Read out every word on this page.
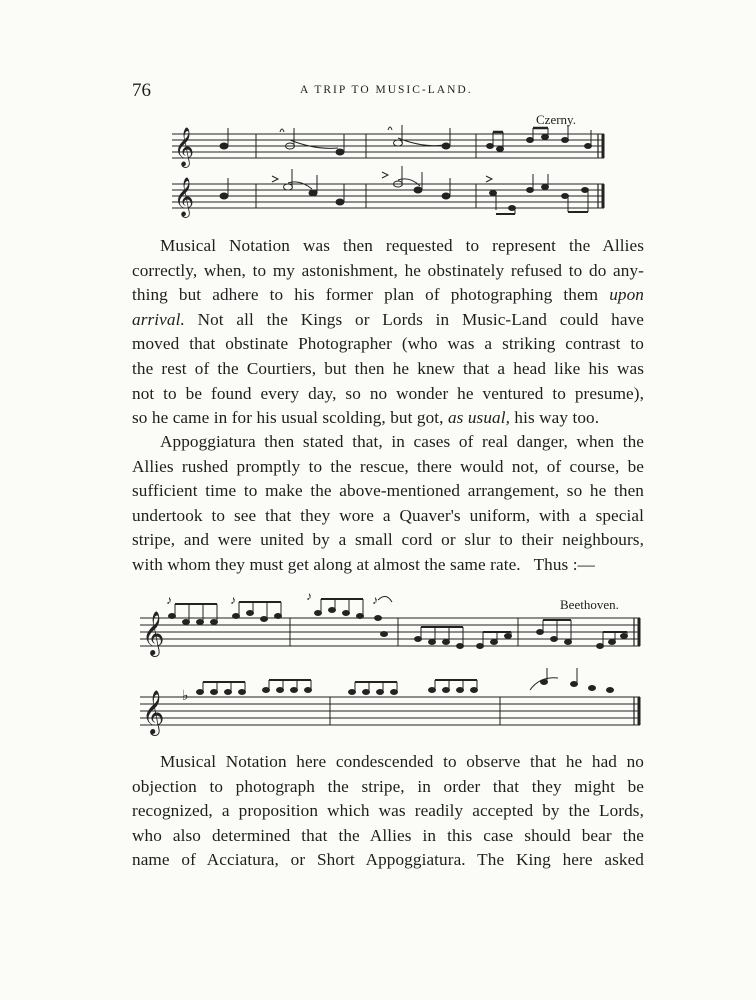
76	A TRIP TO MUSIC-LAND.
𝄞
𝄞
𝄞
𝄞
♪	♪	♪	♪
♭
Czerny.
Beethoven.
Musical Notation was then requested to represent the Allies
correctly, when, to my astonishment, he obstinately refused to do any-
thing but adhere to his former plan of photographing them upon
arrival. Not all the Kings or Lords in Music-Land could have
moved that obstinate Photographer (who was a striking contrast to
the rest of the Courtiers, but then he knew that a head like his was
not to be found every day, so no wonder he ventured to presume),
so he came in for his usual scolding, but got, as usual, his way too.
Appoggiatura then stated that, in cases of real danger, when the
Allies rushed promptly to the rescue, there would not, of course, be
sufficient time to make the above-mentioned arrangement, so he then
undertook to see that they wore a Quaver's uniform, with a special
stripe, and were united by a small cord or slur to their neighbours,
with whom they must get along at almost the same rate.   Thus :—
Musical Notation here condescended to observe that he had no
objection to photograph the stripe, in order that they might be
recognized, a proposition which was readily accepted by the Lords,
who also determined that the Allies in this case should bear the
name of Acciatura, or Short Appoggiatura. The King here asked
